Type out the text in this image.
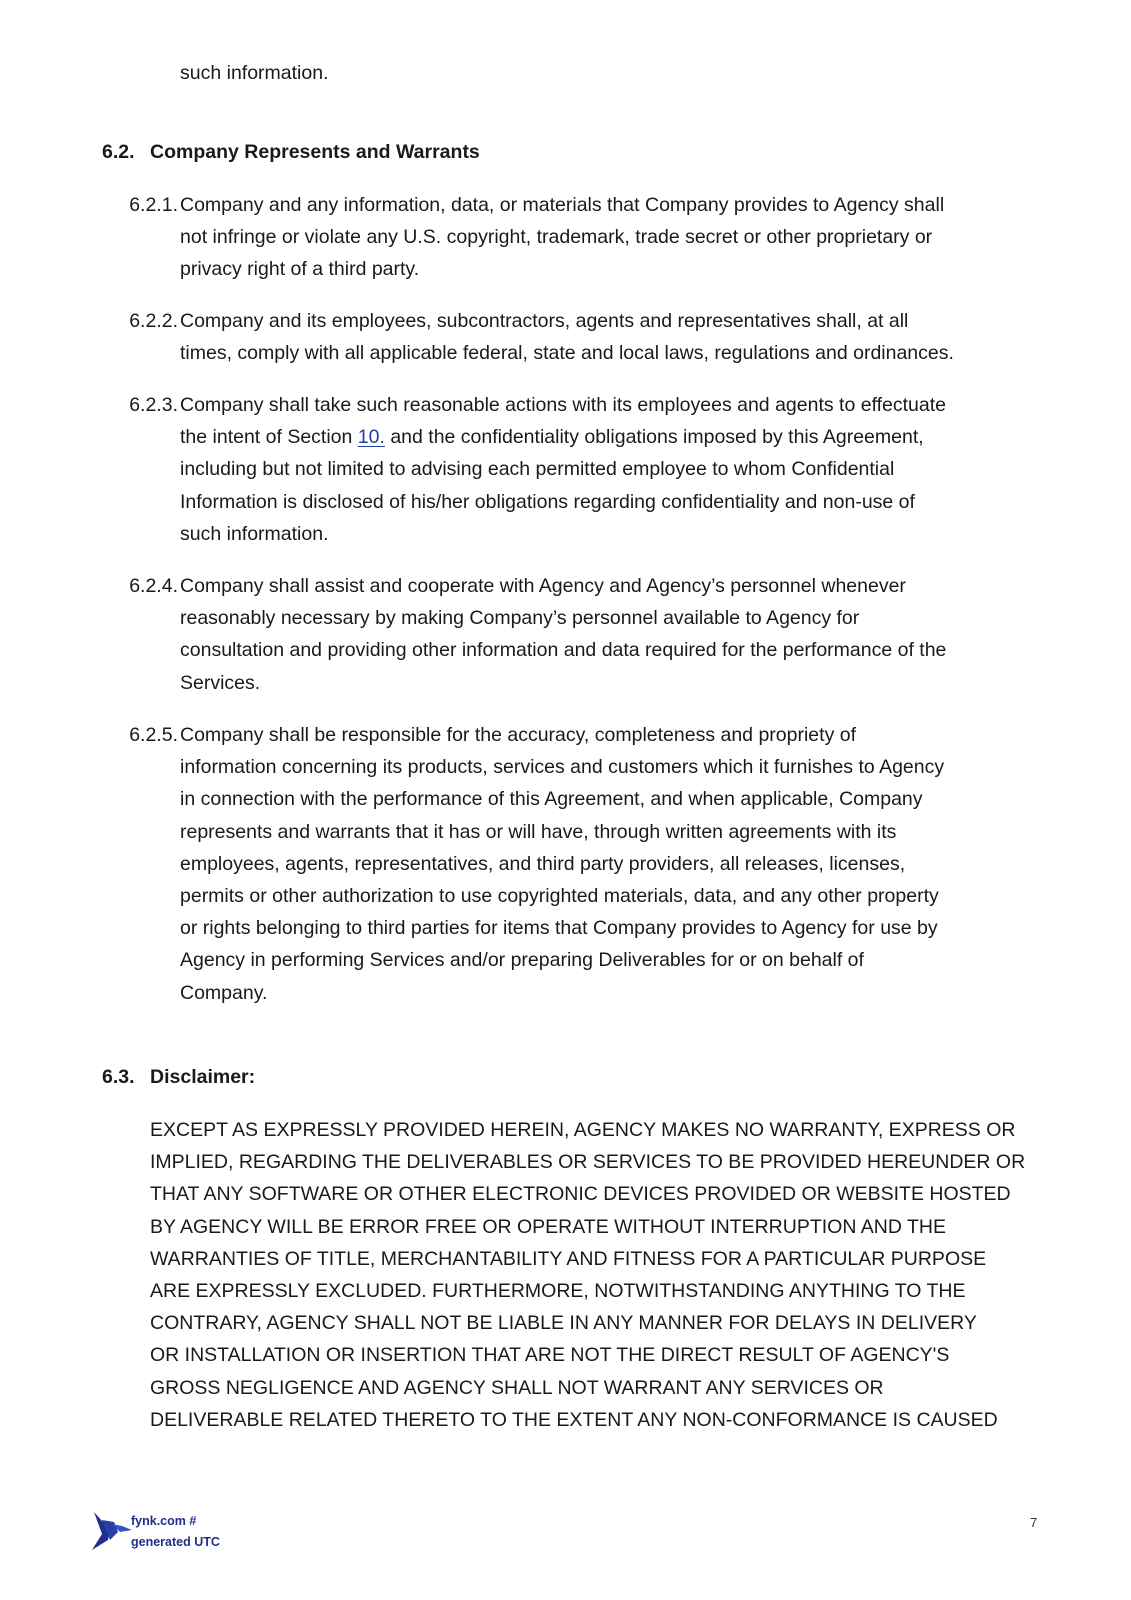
such information.
6.2. Company Represents and Warrants
6.2.1. Company and any information, data, or materials that Company provides to Agency shall
not infringe or violate any U.S. copyright, trademark, trade secret or other proprietary or
privacy right of a third party.
6.2.2. Company and its employees, subcontractors, agents and representatives shall, at all
times, comply with all applicable federal, state and local laws, regulations and ordinances.
6.2.3. Company shall take such reasonable actions with its employees and agents to effectuate
the intent of Section 10. and the confidentiality obligations imposed by this Agreement,
including but not limited to advising each permitted employee to whom Confidential
Information is disclosed of his/her obligations regarding confidentiality and non-use of
such information.
6.2.4. Company shall assist and cooperate with Agency and Agency’s personnel whenever
reasonably necessary by making Company’s personnel available to Agency for
consultation and providing other information and data required for the performance of the
Services.
6.2.5. Company shall be responsible for the accuracy, completeness and propriety of
information concerning its products, services and customers which it furnishes to Agency
in connection with the performance of this Agreement, and when applicable, Company
represents and warrants that it has or will have, through written agreements with its
employees, agents, representatives, and third party providers, all releases, licenses,
permits or other authorization to use copyrighted materials, data, and any other property
or rights belonging to third parties for items that Company provides to Agency for use by
Agency in performing Services and/or preparing Deliverables for or on behalf of
Company.
6.3. Disclaimer:
EXCEPT AS EXPRESSLY PROVIDED HEREIN, AGENCY MAKES NO WARRANTY, EXPRESS OR
IMPLIED, REGARDING THE DELIVERABLES OR SERVICES TO BE PROVIDED HEREUNDER OR
THAT ANY SOFTWARE OR OTHER ELECTRONIC DEVICES PROVIDED OR WEBSITE HOSTED
BY AGENCY WILL BE ERROR FREE OR OPERATE WITHOUT INTERRUPTION AND THE
WARRANTIES OF TITLE, MERCHANTABILITY AND FITNESS FOR A PARTICULAR PURPOSE
ARE EXPRESSLY EXCLUDED. FURTHERMORE, NOTWITHSTANDING ANYTHING TO THE
CONTRARY, AGENCY SHALL NOT BE LIABLE IN ANY MANNER FOR DELAYS IN DELIVERY
OR INSTALLATION OR INSERTION THAT ARE NOT THE DIRECT RESULT OF AGENCY'S
GROSS NEGLIGENCE AND AGENCY SHALL NOT WARRANT ANY SERVICES OR
DELIVERABLE RELATED THERETO TO THE EXTENT ANY NON-CONFORMANCE IS CAUSED
fynk.com #
generated UTC
7
